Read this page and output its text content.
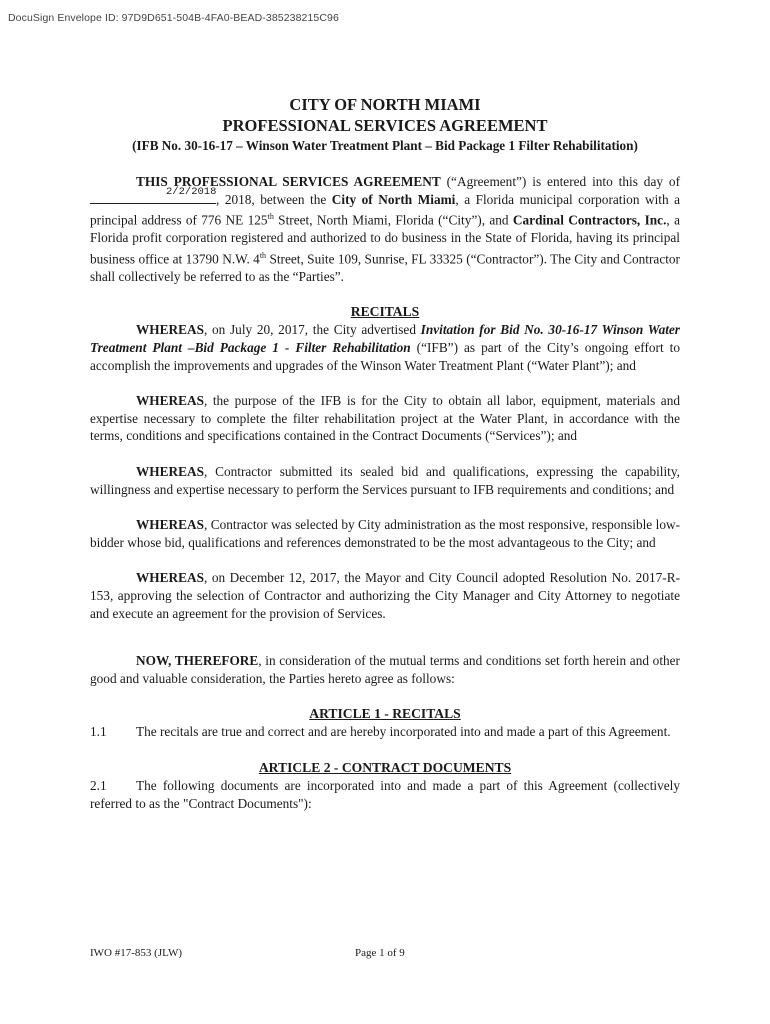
DocuSign Envelope ID: 97D9D651-504B-4FA0-BEAD-385238215C96
CITY OF NORTH MIAMI
PROFESSIONAL SERVICES AGREEMENT
(IFB No. 30-16-17 – Winson Water Treatment Plant – Bid Package 1 Filter Rehabilitation)

THIS PROFESSIONAL SERVICES AGREEMENT (“Agreement”) is entered into this day of
2/2/2018 , 2018, between the City of North Miami, a Florida municipal corporation with a principal address of 776 NE 125th Street, North Miami, Florida (“City”), and Cardinal Contractors, Inc., a Florida profit corporation registered and authorized to do business in the State of Florida, having its principal business office at 13790 N.W. 4th Street, Suite 109, Sunrise, FL 33325 (“Contractor”). The City and Contractor shall collectively be referred to as the “Parties”.

RECITALS

WHEREAS, on July 20, 2017, the City advertised Invitation for Bid No. 30-16-17 Winson Water Treatment Plant –Bid Package 1 - Filter Rehabilitation (“IFB”) as part of the City’s ongoing effort to accomplish the improvements and upgrades of the Winson Water Treatment Plant (“Water Plant”); and

WHEREAS, the purpose of the IFB is for the City to obtain all labor, equipment, materials and expertise necessary to complete the filter rehabilitation project at the Water Plant, in accordance with the terms, conditions and specifications contained in the Contract Documents (“Services”); and

WHEREAS, Contractor submitted its sealed bid and qualifications, expressing the capability, willingness and expertise necessary to perform the Services pursuant to IFB requirements and conditions; and

WHEREAS, Contractor was selected by City administration as the most responsive, responsible low-bidder whose bid, qualifications and references demonstrated to be the most advantageous to the City; and

WHEREAS, on December 12, 2017, the Mayor and City Council adopted Resolution No. 2017-R-153, approving the selection of Contractor and authorizing the City Manager and City Attorney to negotiate and execute an agreement for the provision of Services.

NOW, THEREFORE, in consideration of the mutual terms and conditions set forth herein and other good and valuable consideration, the Parties hereto agree as follows:

ARTICLE 1 - RECITALS

1.1 The recitals are true and correct and are hereby incorporated into and made a part of this Agreement.

ARTICLE 2 - CONTRACT DOCUMENTS

2.1 The following documents are incorporated into and made a part of this Agreement (collectively referred to as the "Contract Documents"):

IWO #17-853 (JLW)	Page 1 of 9
